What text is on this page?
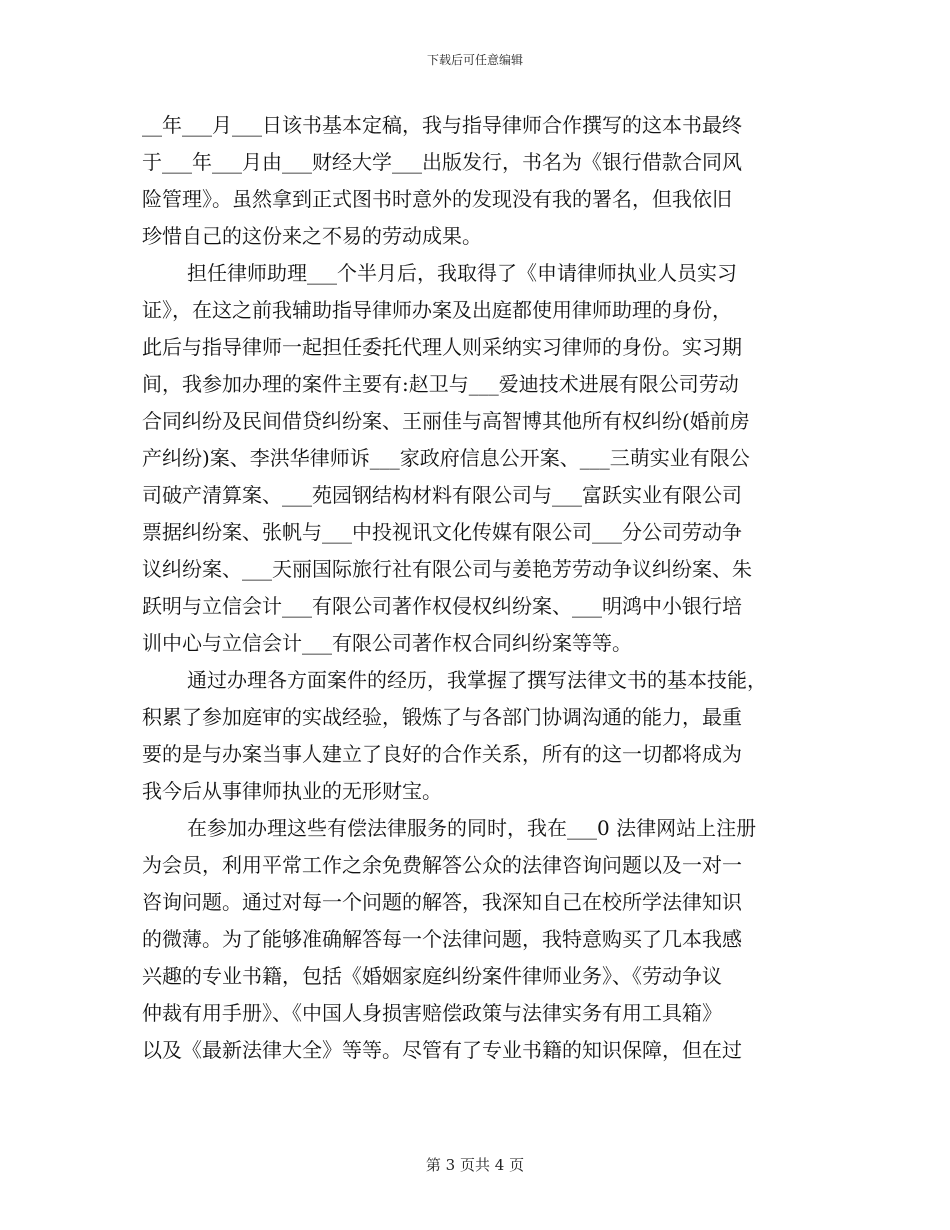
下载后可任意编辑
__年___月___日该书基本定稿，我与指导律师合作撰写的这本书最终
于___年___月由___财经大学___出版发行，书名为《银行借款合同风
险管理》。虽然拿到正式图书时意外的发现没有我的署名，但我依旧
珍惜自己的这份来之不易的劳动成果。
担任律师助理___个半月后，我取得了《申请律师执业人员实习
证》，在这之前我辅助指导律师办案及出庭都使用律师助理的身份，
此后与指导律师一起担任委托代理人则采纳实习律师的身份。实习期
间，我参加办理的案件主要有:赵卫与___爱迪技术进展有限公司劳动
合同纠纷及民间借贷纠纷案、王丽佳与高智博其他所有权纠纷(婚前房
产纠纷)案、李洪华律师诉___家政府信息公开案、___三萌实业有限公
司破产清算案、___苑园钢结构材料有限公司与___富跃实业有限公司
票据纠纷案、张帆与___中投视讯文化传媒有限公司___分公司劳动争
议纠纷案、___天丽国际旅行社有限公司与姜艳芳劳动争议纠纷案、朱
跃明与立信会计___有限公司著作权侵权纠纷案、___明鸿中小银行培
训中心与立信会计___有限公司著作权合同纠纷案等等。
通过办理各方面案件的经历，我掌握了撰写法律文书的基本技能，
积累了参加庭审的实战经验，锻炼了与各部门协调沟通的能力，最重
要的是与办案当事人建立了良好的合作关系，所有的这一切都将成为
我今后从事律师执业的无形财宝。
在参加办理这些有偿法律服务的同时，我在___0 法律网站上注册
为会员，利用平常工作之余免费解答公众的法律咨询问题以及一对一
咨询问题。通过对每一个问题的解答，我深知自己在校所学法律知识
的微薄。为了能够准确解答每一个法律问题，我特意购买了几本我感
兴趣的专业书籍，包括《婚姻家庭纠纷案件律师业务》、《劳动争议
仲裁有用手册》、《中国人身损害赔偿政策与法律实务有用工具箱》
以及《最新法律大全》等等。尽管有了专业书籍的知识保障，但在过
第 3 页共 4 页
